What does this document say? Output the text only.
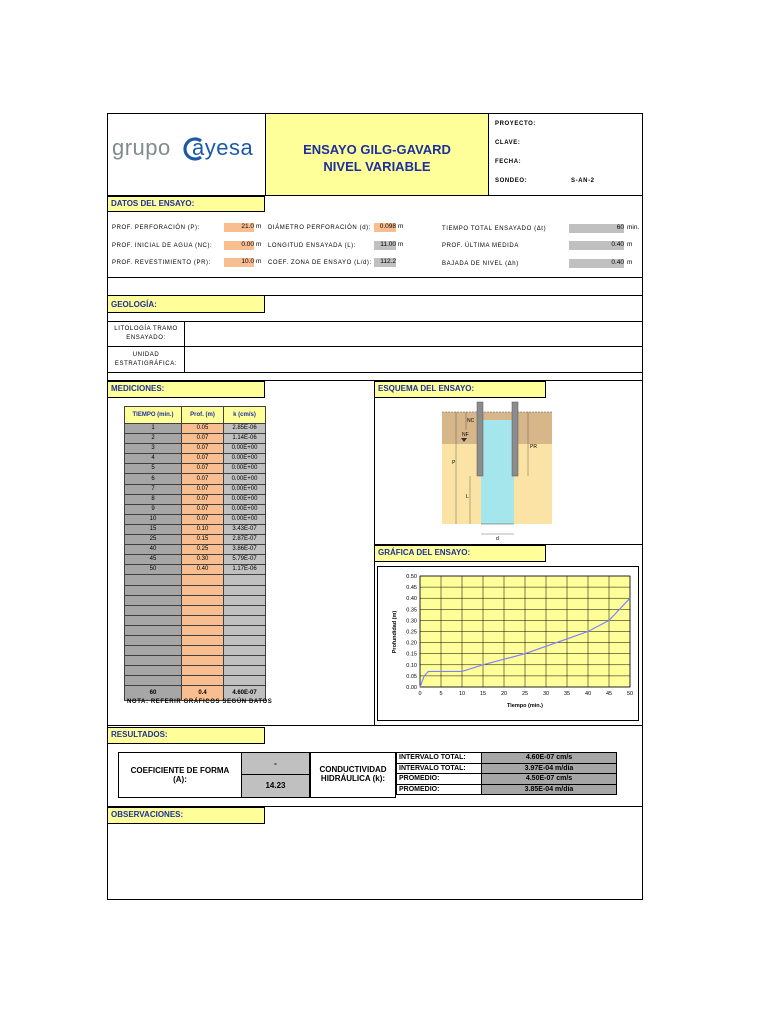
grupo ayesa	ENSAYO GILG-GAVARD
NIVEL VARIABLE
PROYECTO:
CLAVE:
FECHA:
SONDEO:	S-AN-2
DATOS DEL ENSAYO:
PROF. PERFORACIÓN (P):	21.0 m
PROF. INICIAL DE AGUA (NC):	0.00 m
PROF. REVESTIMIENTO (PR):	10.0 m
DIÁMETRO PERFORACIÓN (d):	0.098 m
LONGITUD ENSAYADA (L):	11.00 m
COEF. ZONA DE ENSAYO (L/d):	112.2
TIEMPO TOTAL ENSAYADO (Δt)	60 min.
PROF. ÚLTIMA MEDIDA	0.40 m
BAJADA DE NIVEL (Δh)	0.40 m
GEOLOGÍA:
LITOLOGÍA TRAMO
ENSAYADO:
UNIDAD
ESTRATIGRÁFICA:
MEDICIONES:
TIEMPO (min.)	Prof. (m)	k (cm/s)
1	0.05	2.85E-06
2	0.07	1.14E-06
3	0.07	0.00E+00
4	0.07	0.00E+00
5	0.07	0.00E+00
6	0.07	0.00E+00
7	0.07	0.00E+00
8	0.07	0.00E+00
9	0.07	0.00E+00
10	0.07	0.00E+00
15	0.10	3.43E-07
25	0.15	2.87E-07
40	0.25	3.86E-07
45	0.30	5.79E-07
50	0.40	1.17E-06

60	0.4	4.60E-07
NOTA: REFERIR GRÁFICOS SEGÚN DATOS
ESQUEMA DEL ENSAYO:
NC
NF
P
PR
L
d
GRÁFICA DEL ENSAYO:
0	5	10	15	20	25	30	35	40	45	50
0.00
0.05
0.10
0.15
0.20
0.25
0.30
0.35
0.40
0.45
0.50
Tiempo (min.)
Profundidad (m)
RESULTADOS:
COEFICIENTE DE FORMA
(A):
-
14.23
CONDUCTIVIDAD
HIDRÁULICA (k):
INTERVALO TOTAL:	4.60E-07 cm/s
INTERVALO TOTAL:	3.97E-04 m/día
PROMEDIO:	4.50E-07 cm/s
PROMEDIO:	3.85E-04 m/día
OBSERVACIONES:
